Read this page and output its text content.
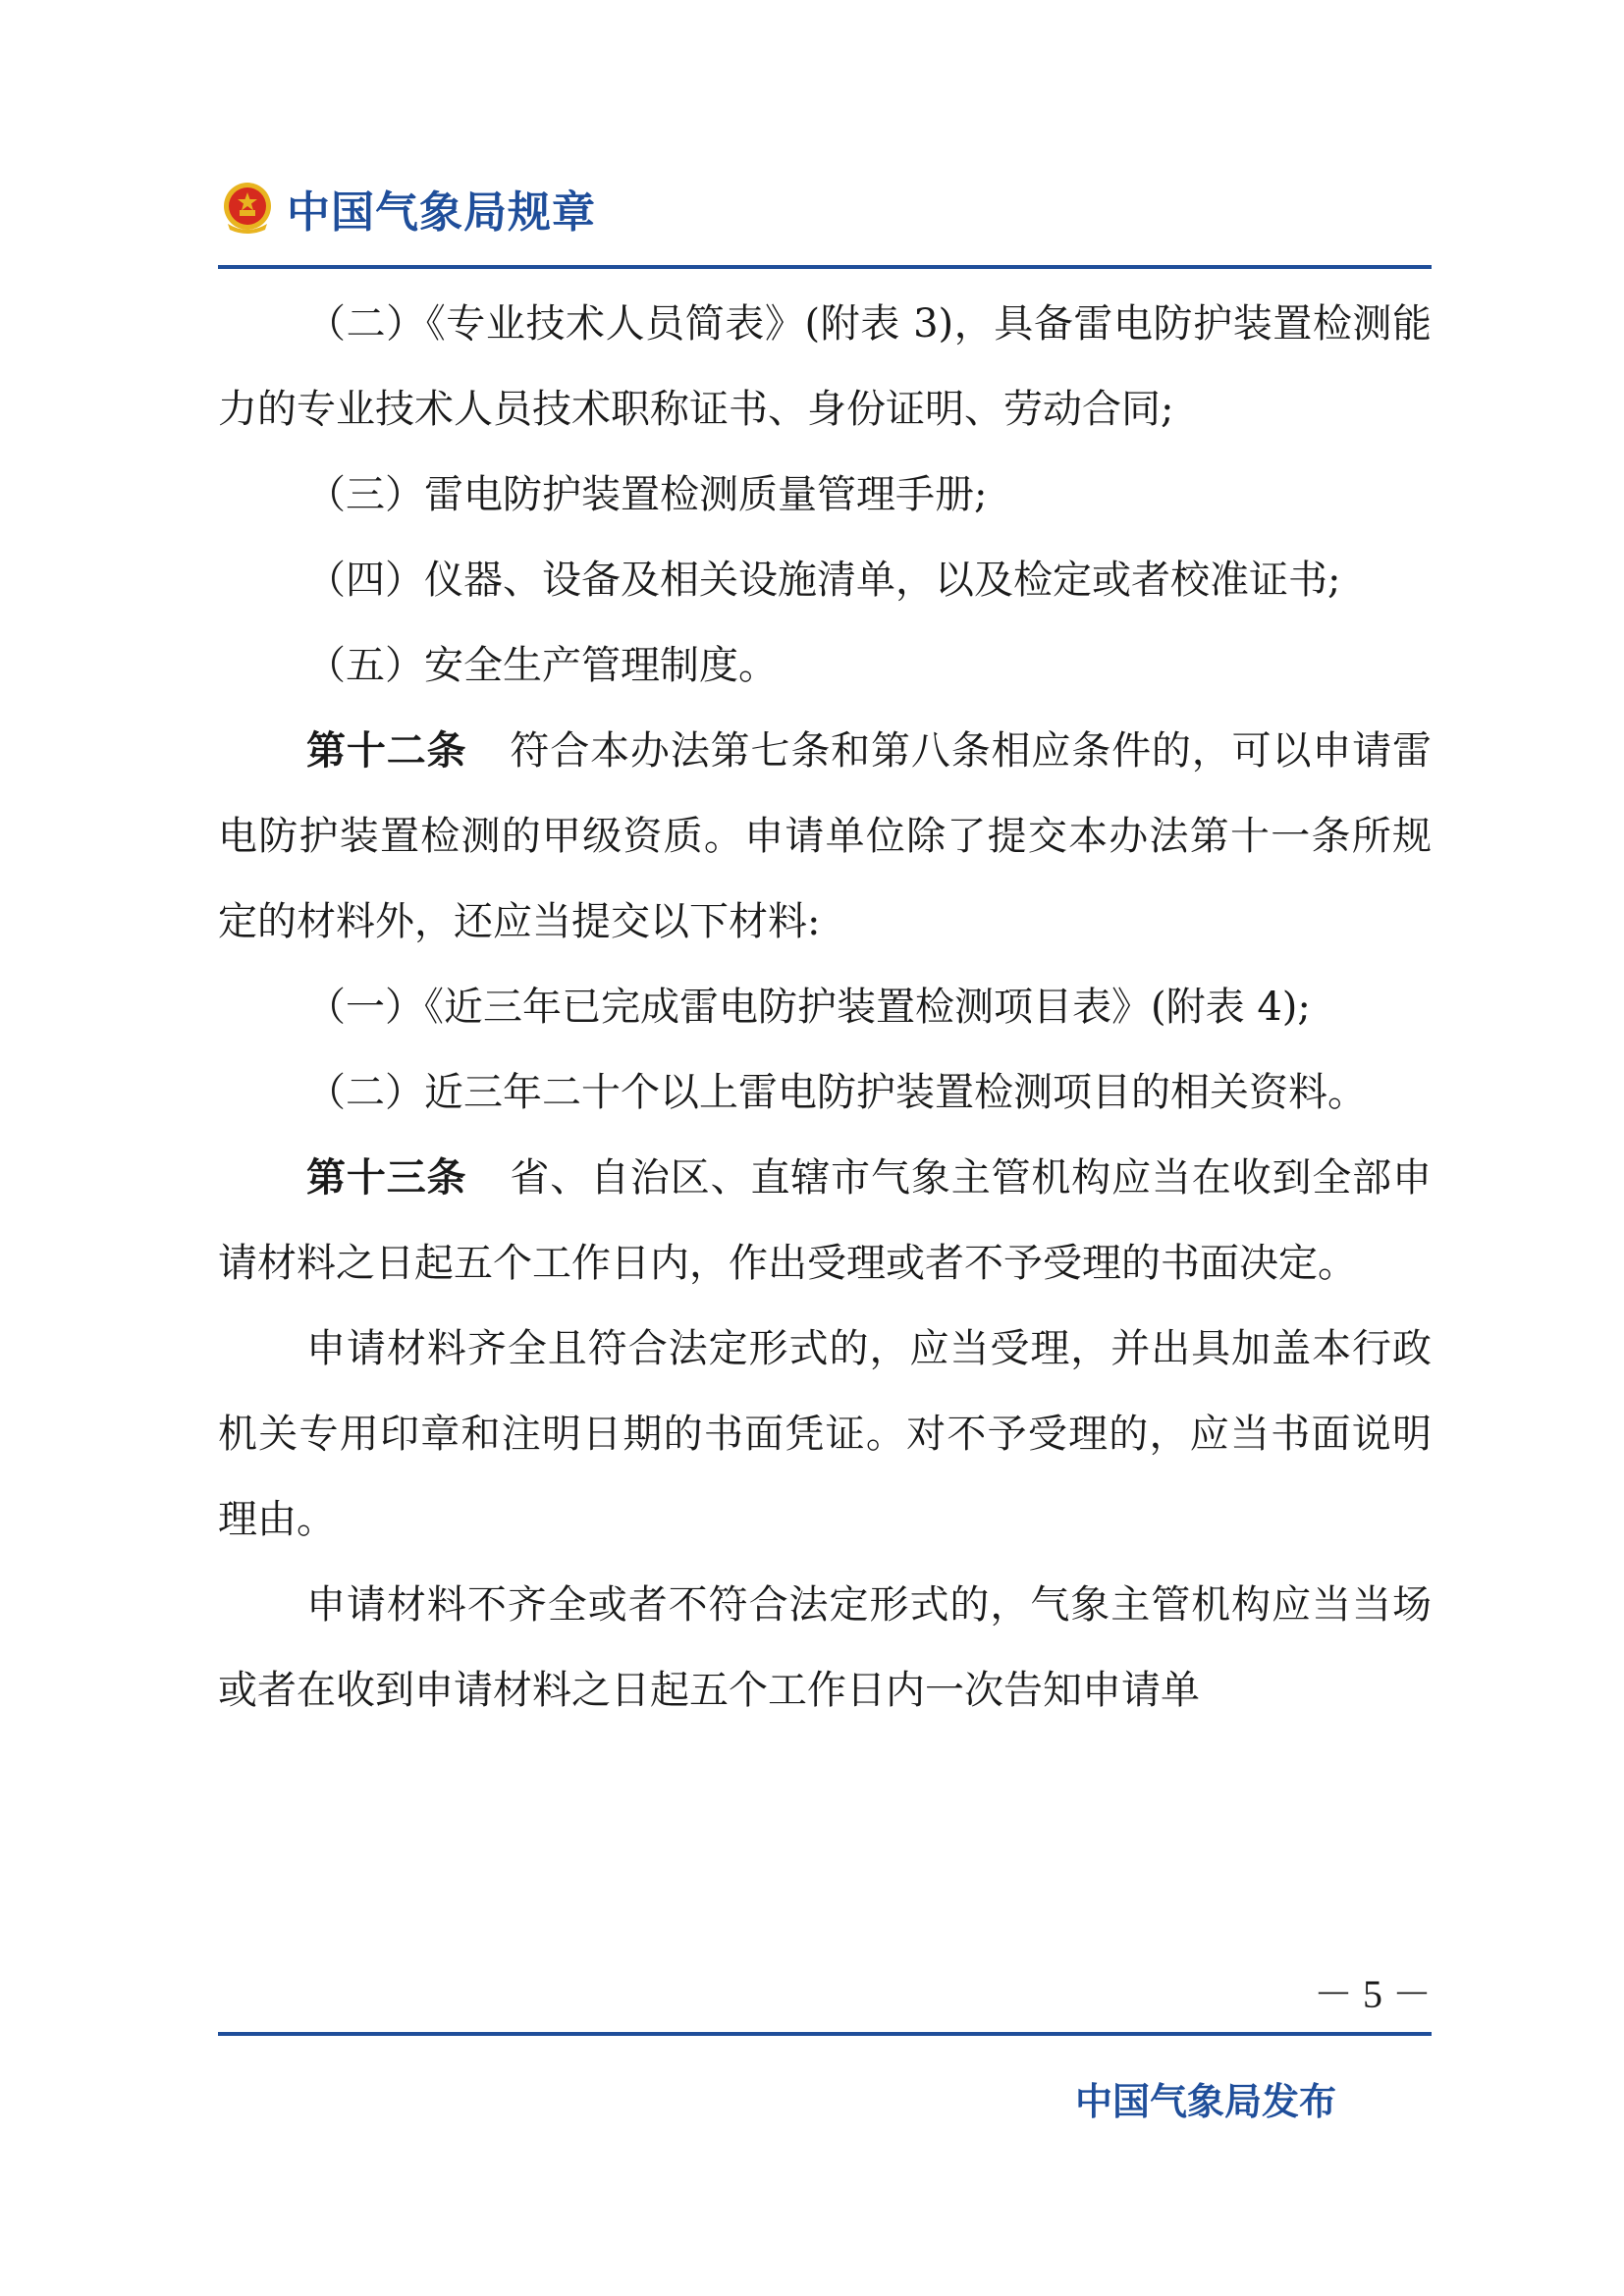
中国气象局规章

（二）《专业技术人员简表》(附表 3)，具备雷电防护装置检测能力的专业技术人员技术职称证书、身份证明、劳动合同;

（三）雷电防护装置检测质量管理手册;

（四）仪器、设备及相关设施清单，以及检定或者校准证书;

（五）安全生产管理制度。

第十二条 符合本办法第七条和第八条相应条件的，可以申请雷电防护装置检测的甲级资质。申请单位除了提交本办法第十一条所规定的材料外，还应当提交以下材料:

（一）《近三年已完成雷电防护装置检测项目表》(附表 4);

（二）近三年二十个以上雷电防护装置检测项目的相关资料。

第十三条 省、自治区、直辖市气象主管机构应当在收到全部申请材料之日起五个工作日内，作出受理或者不予受理的书面决定。

申请材料齐全且符合法定形式的，应当受理，并出具加盖本行政机关专用印章和注明日期的书面凭证。对不予受理的，应当书面说明理由。

申请材料不齐全或者不符合法定形式的，气象主管机构应当当场或者在收到申请材料之日起五个工作日内一次告知申请单

－ 5 －
中国气象局发布
